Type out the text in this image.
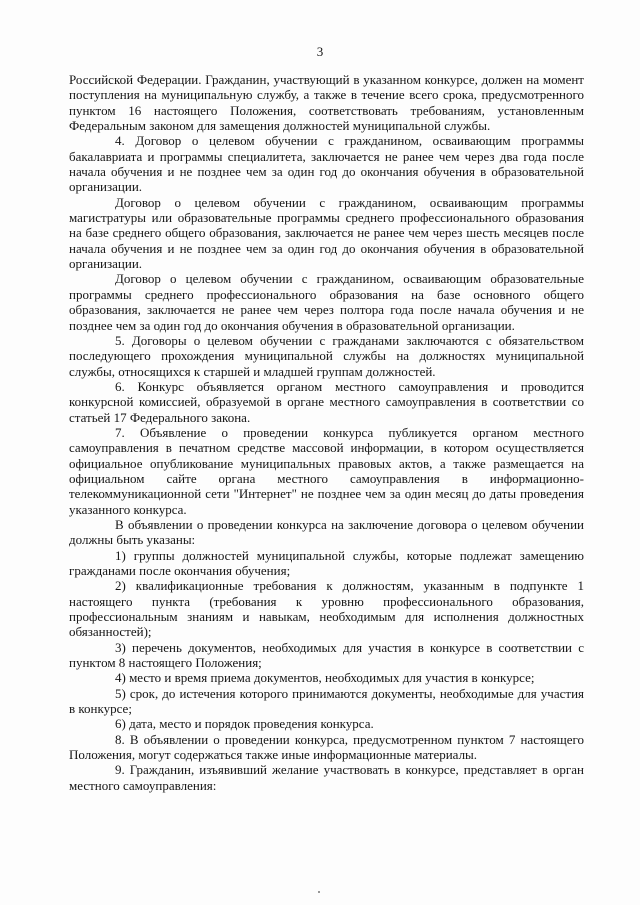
3

Российской Федерации. Гражданин, участвующий в указанном конкурсе, должен на момент поступления на муниципальную службу, а также в течение всего срока, предусмотренного пунктом 16 настоящего Положения, соответствовать требованиям, установленным Федеральным законом для замещения должностей муниципальной службы.

4. Договор о целевом обучении с гражданином, осваивающим программы бакалавриата и программы специалитета, заключается не ранее чем через два года после начала обучения и не позднее чем за один год до окончания обучения в образовательной организации.

Договор о целевом обучении с гражданином, осваивающим программы магистратуры или образовательные программы среднего профессионального образования на базе среднего общего образования, заключается не ранее чем через шесть месяцев после начала обучения и не позднее чем за один год до окончания обучения в образовательной организации.

Договор о целевом обучении с гражданином, осваивающим образовательные программы среднего профессионального образования на базе основного общего образования, заключается не ранее чем через полтора года после начала обучения и не позднее чем за один год до окончания обучения в образовательной организации.

5. Договоры о целевом обучении с гражданами заключаются с обязательством последующего прохождения муниципальной службы на должностях муниципальной службы, относящихся к старшей и младшей группам должностей.

6. Конкурс объявляется органом местного самоуправления и проводится конкурсной комиссией, образуемой в органе местного самоуправления в соответствии со статьей 17 Федерального закона.

7. Объявление о проведении конкурса публикуется органом местного самоуправления в печатном средстве массовой информации, в котором осуществляется официальное опубликование муниципальных правовых актов, а также размещается на официальном сайте органа местного самоуправления в информационно-телекоммуникационной сети "Интернет" не позднее чем за один месяц до даты проведения указанного конкурса.

В объявлении о проведении конкурса на заключение договора о целевом обучении должны быть указаны:

1) группы должностей муниципальной службы, которые подлежат замещению гражданами после окончания обучения;

2) квалификационные требования к должностям, указанным в подпункте 1 настоящего пункта (требования к уровню профессионального образования, профессиональным знаниям и навыкам, необходимым для исполнения должностных обязанностей);

3) перечень документов, необходимых для участия в конкурсе в соответствии с пунктом 8 настоящего Положения;

4) место и время приема документов, необходимых для участия в конкурсе;

5) срок, до истечения которого принимаются документы, необходимые для участия в конкурсе;

6) дата, место и порядок проведения конкурса.

8. В объявлении о проведении конкурса, предусмотренном пунктом 7 настоящего Положения, могут содержаться также иные информационные материалы.

9. Гражданин, изъявивший желание участвовать в конкурсе, представляет в орган местного самоуправления:
